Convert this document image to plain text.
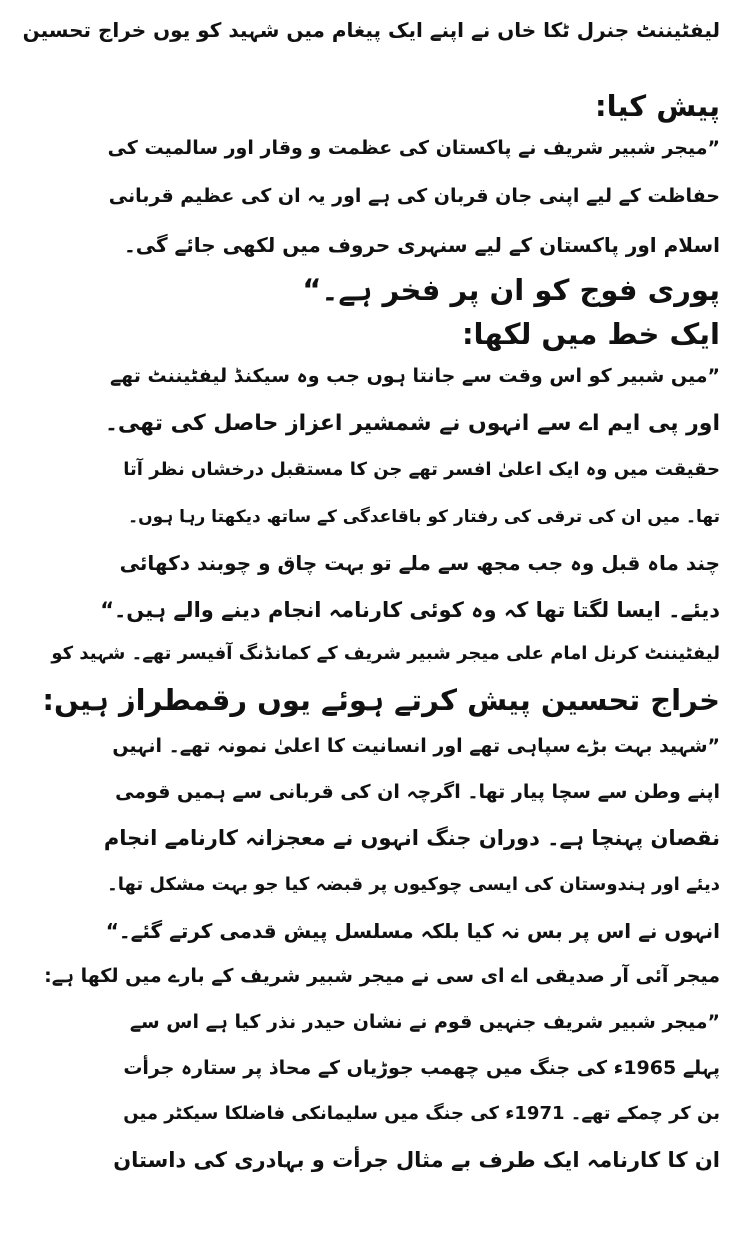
لیفٹیننٹ جنرل ٹکا خاں نے اپنے ایک پیغام میں شہید کو یوں خراج تحسین
پیش کیا:
”میجر شبیر شریف نے پاکستان کی عظمت و وقار اور سالمیت کی
حفاظت کے لیے اپنی جان قربان کی ہے اور یہ ان کی عظیم قربانی
اسلام اور پاکستان کے لیے سنہری حروف میں لکھی جائے گی۔
پوری فوج کو ان پر فخر ہے۔“
ایک خط میں لکھا:
”میں شبیر کو اس وقت سے جانتا ہوں جب وہ سیکنڈ لیفٹیننٹ تھے
اور پی ایم اے سے انہوں نے شمشیر اعزاز حاصل کی تھی۔
حقیقت میں وہ ایک اعلیٰ افسر تھے جن کا مستقبل درخشاں نظر آتا
تھا۔ میں ان کی ترقی کی رفتار کو باقاعدگی کے ساتھ دیکھتا رہا ہوں۔
چند ماہ قبل وہ جب مجھ سے ملے تو بہت چاق و چوبند دکھائی
دیئے۔ ایسا لگتا تھا کہ وہ کوئی کارنامہ انجام دینے والے ہیں۔“
لیفٹیننٹ کرنل امام علی میجر شبیر شریف کے کمانڈنگ آفیسر تھے۔ شہید کو
خراج تحسین پیش کرتے ہوئے یوں رقمطراز ہیں:
”شہید بہت بڑے سپاہی تھے اور انسانیت کا اعلیٰ نمونہ تھے۔ انہیں
اپنے وطن سے سچا پیار تھا۔ اگرچہ ان کی قربانی سے ہمیں قومی
نقصان پہنچا ہے۔ دوران جنگ انہوں نے معجزانہ کارنامے انجام
دیئے اور ہندوستان کی ایسی چوکیوں پر قبضہ کیا جو بہت مشکل تھا۔
انہوں نے اس پر بس نہ کیا بلکہ مسلسل پیش قدمی کرتے گئے۔“
میجر آئی آر صدیقی اے ای سی نے میجر شبیر شریف کے بارے میں لکھا ہے:
”میجر شبیر شریف جنہیں قوم نے نشان حیدر نذر کیا ہے اس سے
پہلے 1965ء کی جنگ میں چھمب جوڑیاں کے محاذ پر ستارہ جرأت
بن کر چمکے تھے۔ 1971ء کی جنگ میں سلیمانکی فاضلکا سیکٹر میں
ان کا کارنامہ ایک طرف بے مثال جرأت و بہادری کی داستان
